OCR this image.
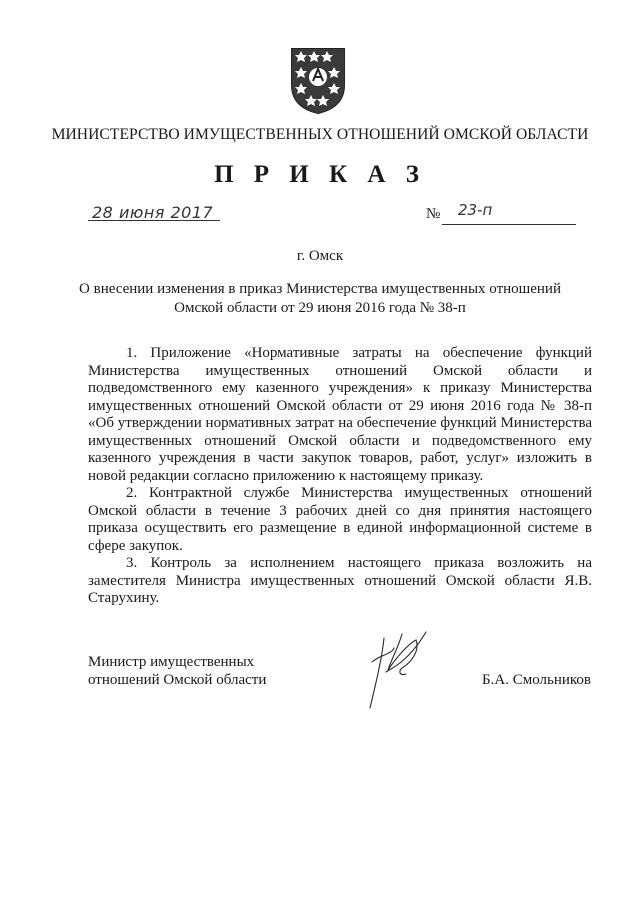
МИНИСТЕРСТВО ИМУЩЕСТВЕННЫХ ОТНОШЕНИЙ ОМСКОЙ ОБЛАСТИ
П Р И К А З
28 июня 2017	№ 23-п
г. Омск
О внесении изменения в приказ Министерства имущественных отношений
Омской области от 29 июня 2016 года № 38-п

1. Приложение «Нормативные затраты на обеспечение функций Министерства имущественных отношений Омской области и подведомственного ему казенного учреждения» к приказу Министерства имущественных отношений Омской области от 29 июня 2016 года № 38-п «Об утверждении нормативных затрат на обеспечение функций Министерства имущественных отношений Омской области и подведомственного ему казенного учреждения в части закупок товаров, работ, услуг» изложить в новой редакции согласно приложению к настоящему приказу.

2. Контрактной службе Министерства имущественных отношений Омской области в течение 3 рабочих дней со дня принятия настоящего приказа осуществить его размещение в единой информационной системе в сфере закупок.

3. Контроль за исполнением настоящего приказа возложить на заместителя Министра имущественных отношений Омской области Я.В. Старухину.

Министр имущественных
отношений Омской области	Б.А. Смольников
